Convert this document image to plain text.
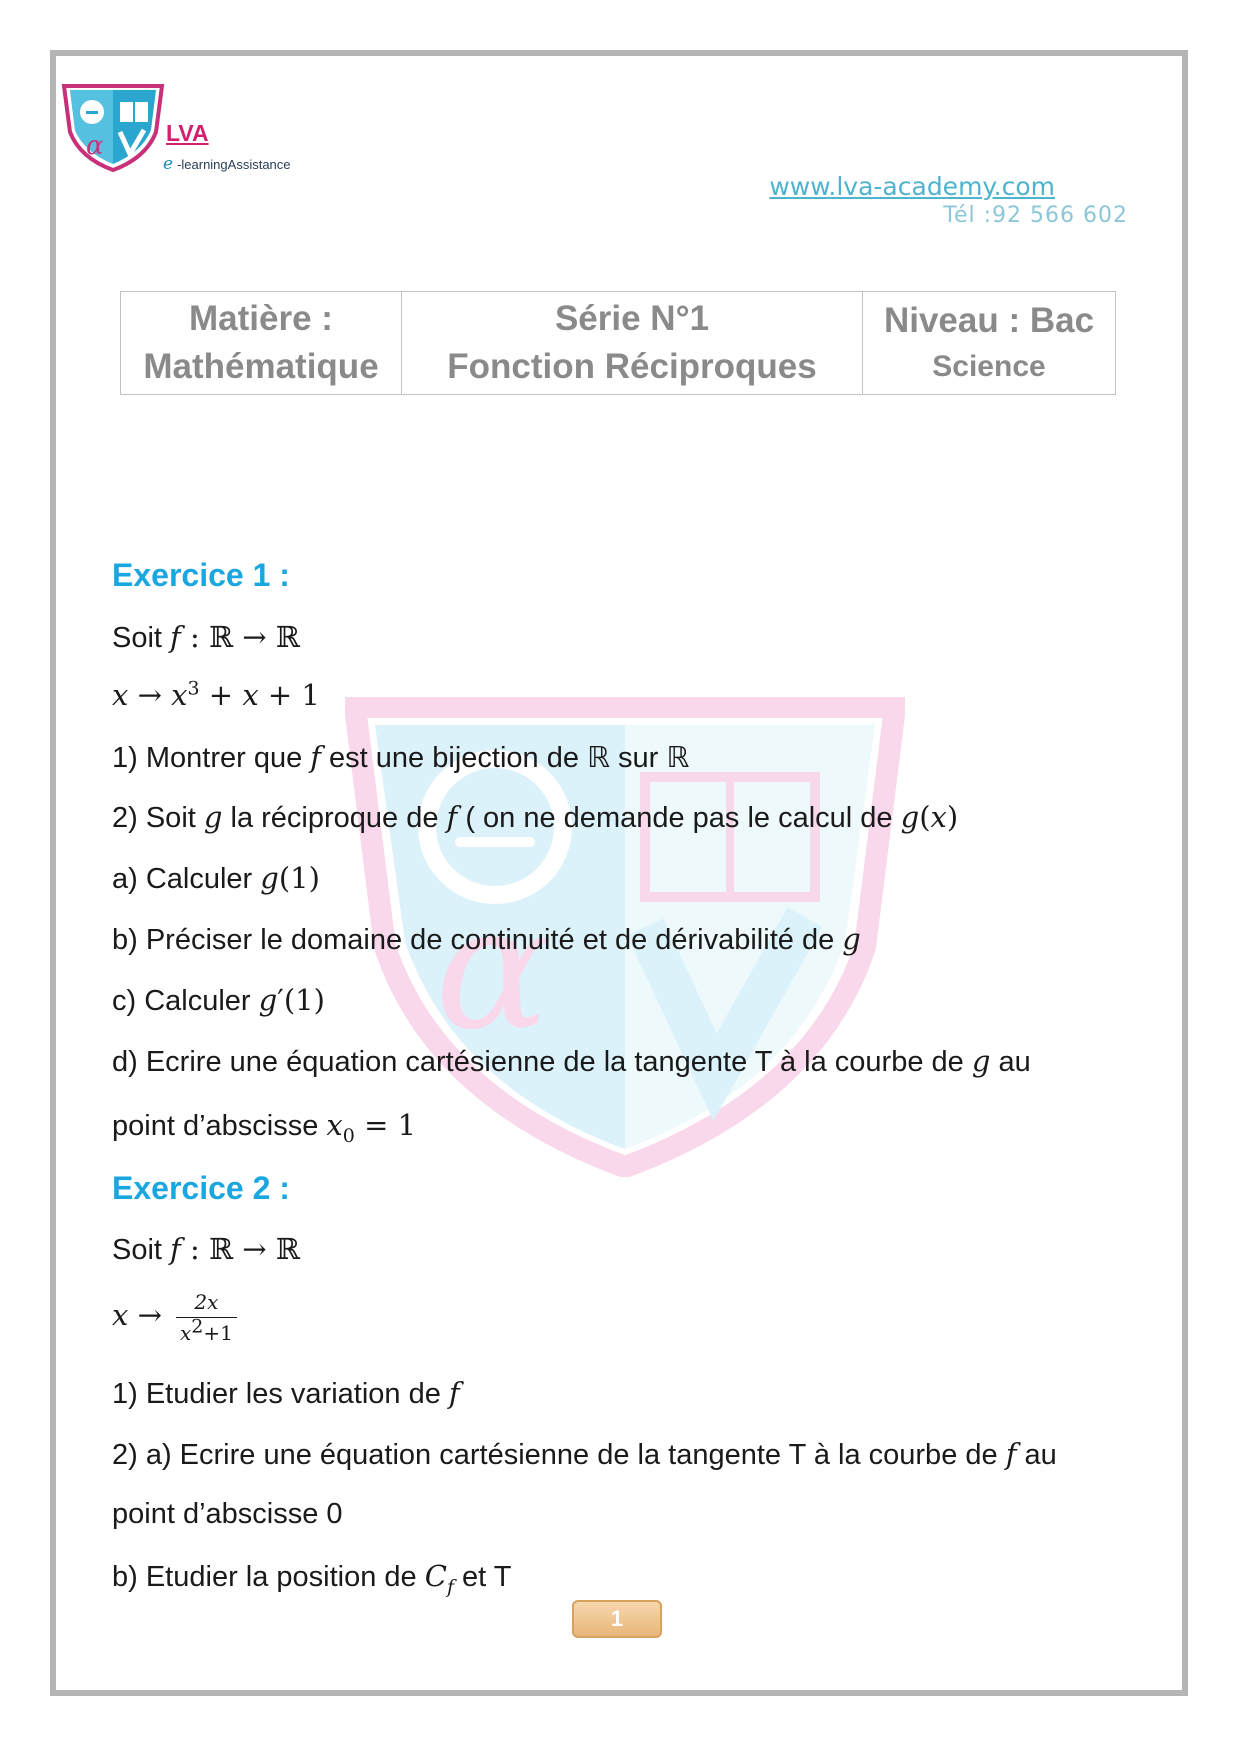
α	LVA
e -learningAssistance
www.lva-academy.com
Tél :92 566 602
Matière :
Mathématique

Série N°1
Fonction Réciproques

Niveau : Bac
Science
α
Exercice 1 :
Soit f : ℝ → ℝ
$x \to x^3 + x + 1$
1) Montrer que f est une bijection de ℝ sur ℝ
2) Soit g la réciproque de f ( on ne demande pas le calcul de g(x)
a) Calculer g(1)
b) Préciser le domaine de continuité et de dérivabilité de g
c) Calculer g′(1)
d) Ecrire une équation cartésienne de la tangente T à la courbe de g au
point d’abscisse $x_0 = 1$
Exercice 2 :
Soit f : ℝ → ℝ
$x \to \frac{2x}{x^2+1}$
1) Etudier les variation de f
2) a) Ecrire une équation cartésienne de la tangente T à la courbe de f au
point d’abscisse 0
b) Etudier la position de $C_f$ et T
1
